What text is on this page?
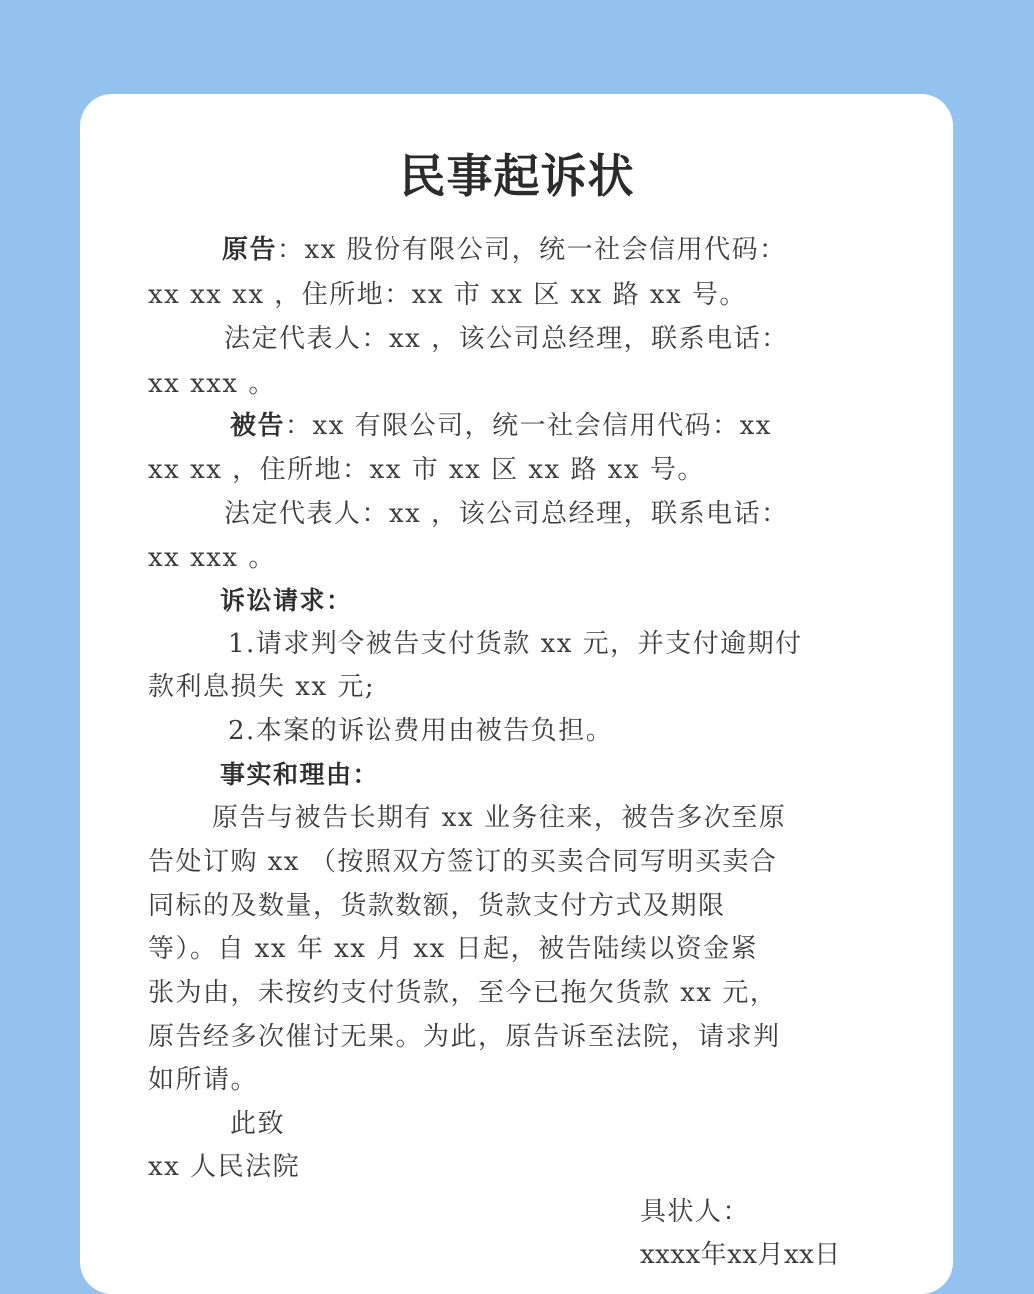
民事起诉状
原告：xx 股份有限公司，统一社会信用代码：
xx xx xx ，住所地：xx 市 xx 区 xx 路 xx 号。
法定代表人：xx ，该公司总经理，联系电话：
xx xxx 。
被告：xx 有限公司，统一社会信用代码：xx
xx xx ，住所地：xx 市 xx 区 xx 路 xx 号。
法定代表人：xx ，该公司总经理，联系电话：
xx xxx 。
诉讼请求：
1.请求判令被告支付货款 xx 元，并支付逾期付
款利息损失 xx 元;
2.本案的诉讼费用由被告负担。
事实和理由：
原告与被告长期有 xx 业务往来，被告多次至原
告处订购 xx （按照双方签订的买卖合同写明买卖合
同标的及数量，货款数额，货款支付方式及期限
等）。自 xx 年 xx 月 xx 日起，被告陆续以资金紧
张为由，未按约支付货款，至今已拖欠货款 xx 元，
原告经多次催讨无果。为此，原告诉至法院，请求判
如所请。
此致
xx 人民法院
具状人：
xxxx年xx月xx日
